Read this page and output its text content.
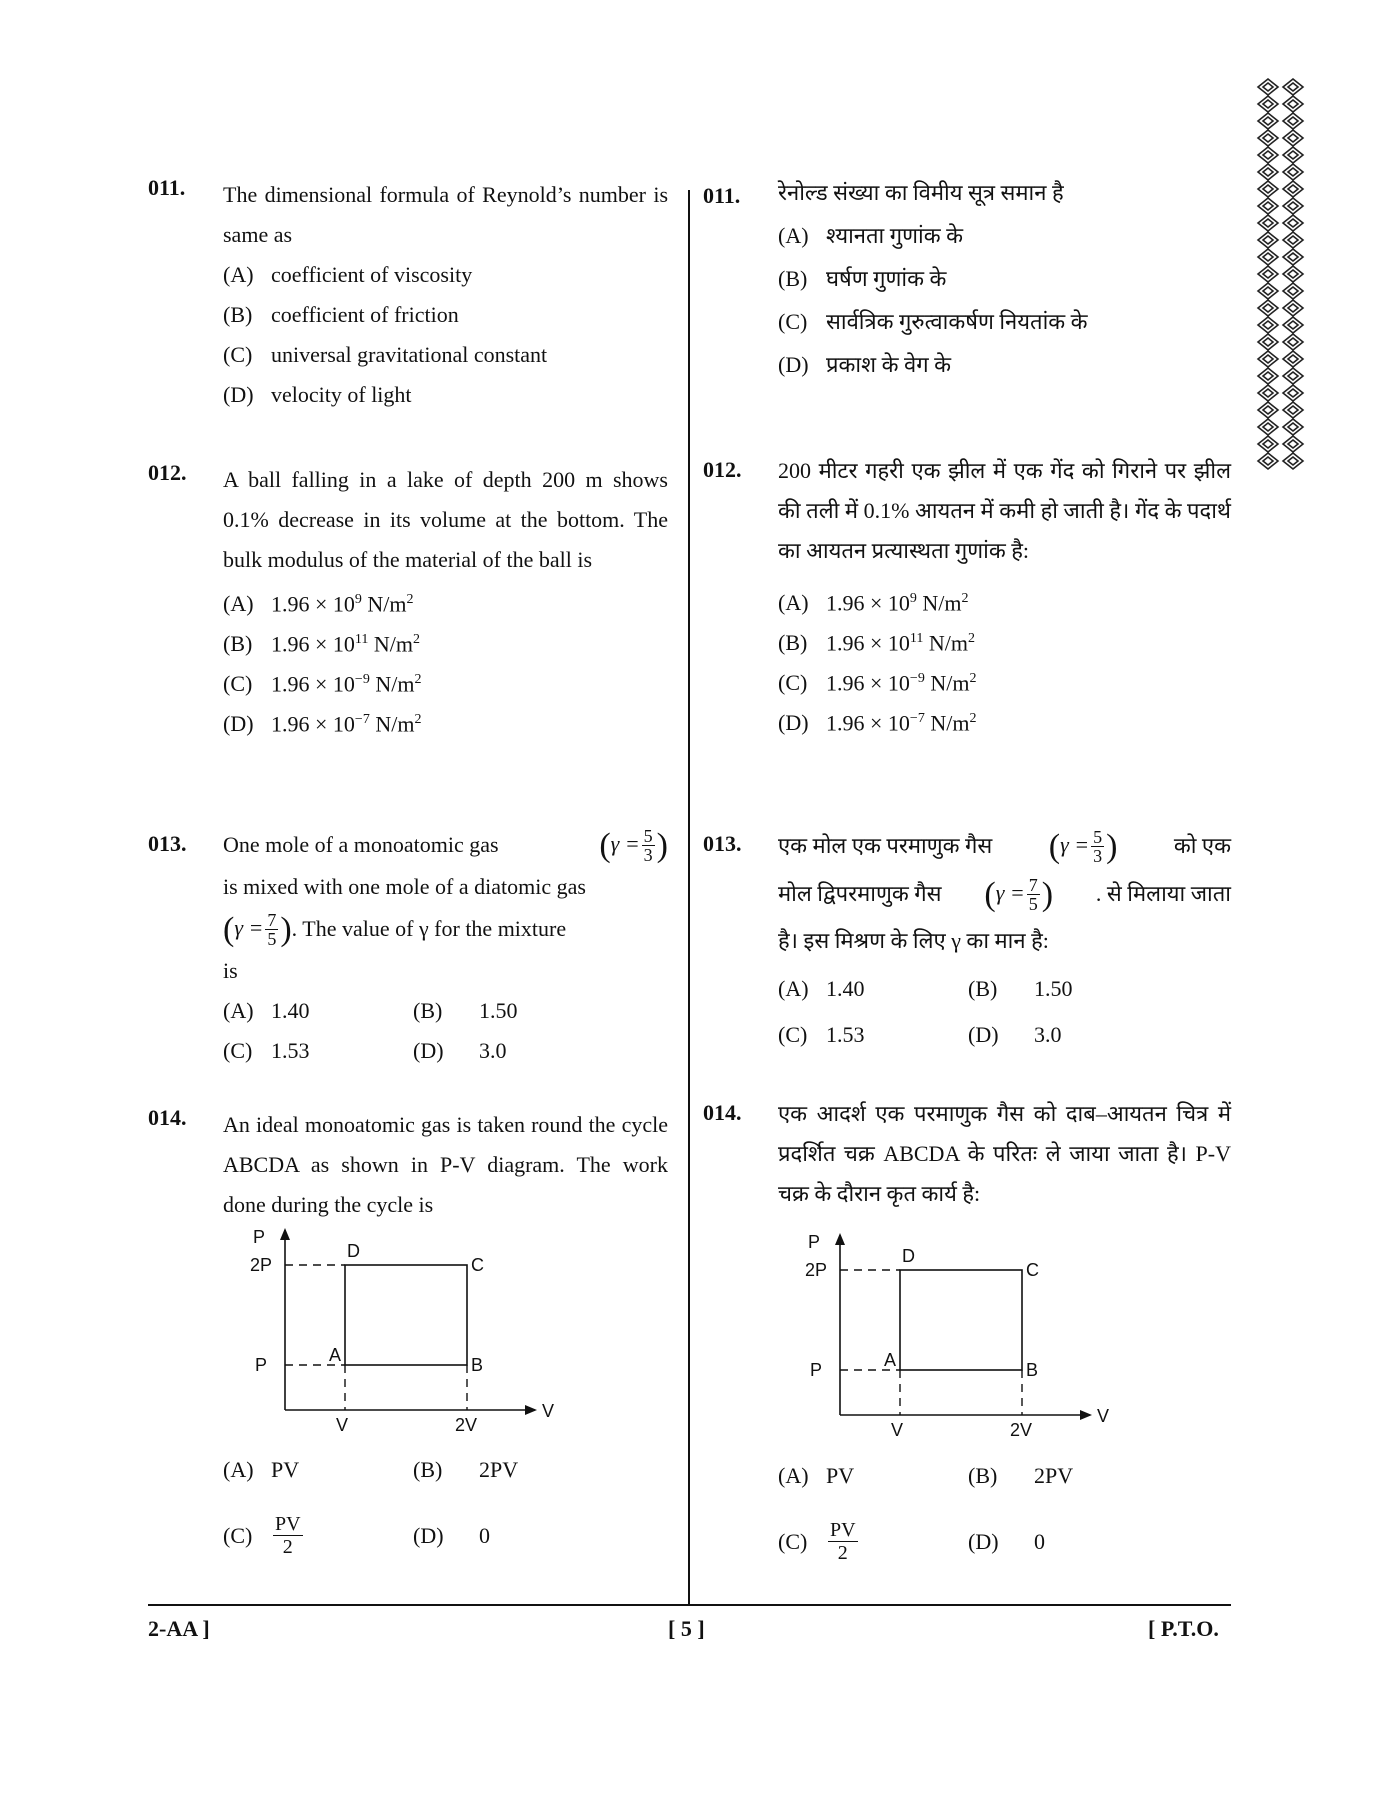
011. The dimensional formula of Reynold’s number is same as
(A) coefficient of viscosity
(B) coefficient of friction
(C) universal gravitational constant
(D) velocity of light
012. A ball falling in a lake of depth 200 m shows 0.1% decrease in its volume at the bottom. The bulk modulus of the material of the ball is
(A) $1.96 \times 10^9$ $N/m^2$
(B) $1.96 \times 10^{11}$ $N/m^2$
(C) $1.96 \times 10^{-9}$ $N/m^2$
(D) $1.96 \times 10^{-7}$ $N/m^2$
013. One mole of a monoatomic gas	($\gamma = \frac{5}{3}$ )
is mixed with one mole of a diatomic gas
($\gamma = \frac{7}{5}$ ) . The value of γ for the mixture
is
(A) 1.40	(B) 1.50
(C) 1.53	(D) 3.0
014. An ideal monoatomic gas is taken round the cycle ABCDA as shown in P-V diagram. The work done during the cycle is
P
2P
P
V	2V
V
A	B
C
D
(A) PV	(B) 2PV
$(C) \frac{PV}{2}$	(D) 0
011. रेनोल्ड संख्या का विमीय सूत्र समान है
(A) श्यानता गुणांक के
(B) घर्षण गुणांक के
(C) सार्वत्रिक गुरुत्वाकर्षण नियतांक के
(D) प्रकाश के वेग के
012. 200 मीटर गहरी एक झील में एक गेंद को गिराने पर झील की तली में 0.1% आयतन में कमी हो जाती है। गेंद के पदार्थ का आयतन प्रत्यास्थता गुणांक है:
(A) $1.96 \times 10^9$ $N/m^2$
(B) $1.96 \times 10^{11}$ $N/m^2$
(C) $1.96 \times 10^{-9}$ $N/m^2$
(D) $1.96 \times 10^{-7}$ $N/m^2$
013. एक मोल एक परमाणुक गैस ($\gamma = \frac{5}{3}$ )	को एक
मोल द्विपरमाणुक गैस ($\gamma = \frac{7}{5}$ ) . से मिलाया जाता
है। इस मिश्रण के लिए γ का मान है:
(A) 1.40	(B) 1.50
(C) 1.53	(D) 3.0
014. एक आदर्श एक परमाणुक गैस को दाब–आयतन चित्र में प्रदर्शित चक्र ABCDA के परितः ले जाया जाता है। P-V चक्र के दौरान कृत कार्य है:
P
2P
P
V	2V
V
A	B
C
D
(A) PV	(B) 2PV
$(C) \frac{PV}{2}$	(D) 0
2-AA ]	[ 5 ]	[ P.T.O.
